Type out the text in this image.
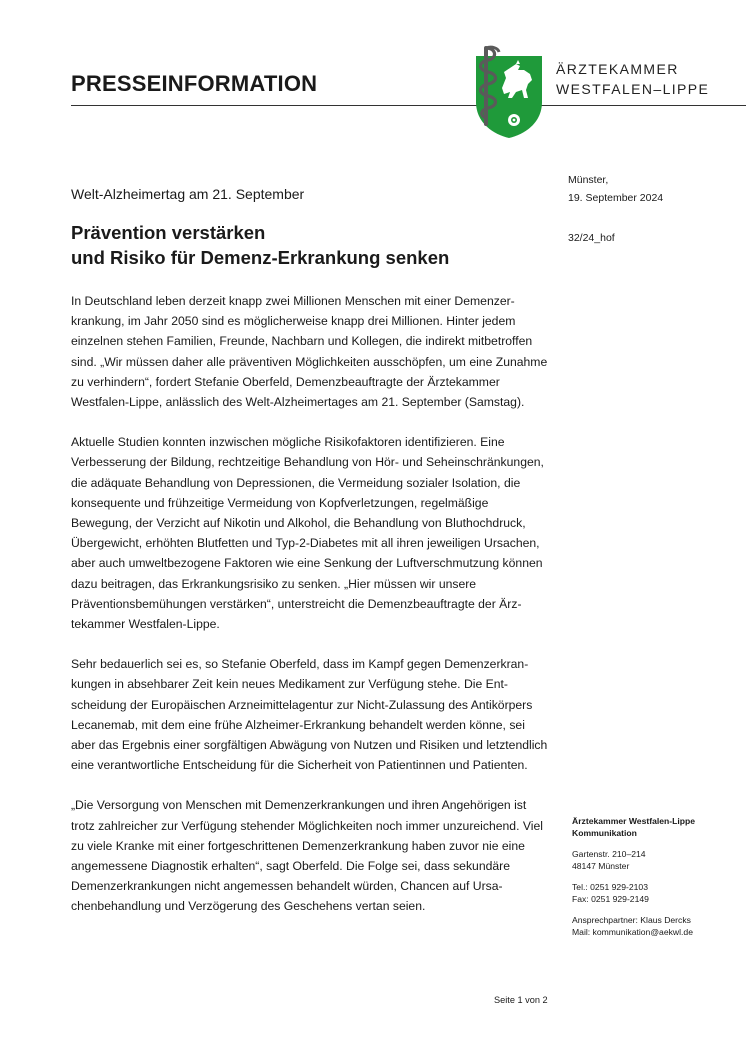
PRESSEINFORMATION
ÄRZTEKAMMER
WESTFALEN–LIPPE
Münster,
19. September 2024
32/24_hof

Welt-Alzheimertag am 21. September

Prävention verstärken
und Risiko für Demenz-Erkrankung senken

In Deutschland leben derzeit knapp zwei Millionen Menschen mit einer Demenzerkrankung, im Jahr 2050 sind es möglicherweise knapp drei Millionen. Hinter jedem einzelnen stehen Familien, Freunde, Nachbarn und Kollegen, die indirekt mitbetroffen sind. „Wir müssen daher alle präventiven Möglichkeiten ausschöpfen, um eine Zunahme zu verhindern“, fordert Stefanie Oberfeld, Demenzbeauftragte der Ärztekammer Westfalen-Lippe, anlässlich des Welt-Alzheimertages am 21. September (Samstag).

Aktuelle Studien konnten inzwischen mögliche Risikofaktoren identifizieren. Eine Verbesserung der Bildung, rechtzeitige Behandlung von Hör- und Seheinschränkungen, die adäquate Behandlung von Depressionen, die Vermeidung sozialer Isolation, die konsequente und frühzeitige Vermeidung von Kopfverletzungen, regelmäßige Bewegung, der Verzicht auf Nikotin und Alkohol, die Behandlung von Bluthochdruck, Übergewicht, erhöhten Blutfetten und Typ-2-Diabetes mit all ihren jeweiligen Ursachen, aber auch umweltbezogene Faktoren wie eine Senkung der Luftverschmutzung können dazu beitragen, das Erkrankungsrisiko zu senken. „Hier müssen wir unsere Präventionsbemühungen verstärken“, unterstreicht die Demenzbeauftragte der Ärztekammer Westfalen-Lippe.

Sehr bedauerlich sei es, so Stefanie Oberfeld, dass im Kampf gegen Demenzerkrankungen in absehbarer Zeit kein neues Medikament zur Verfügung stehe. Die Entscheidung der Europäischen Arzneimittelagentur zur Nicht-Zulassung des Antikörpers Lecanemab, mit dem eine frühe Alzheimer-Erkrankung behandelt werden könne, sei aber das Ergebnis einer sorgfältigen Abwägung von Nutzen und Risiken und letztendlich eine verantwortliche Entscheidung für die Sicherheit von Patientinnen und Patienten.

„Die Versorgung von Menschen mit Demenzerkrankungen und ihren Angehörigen ist trotz zahlreicher zur Verfügung stehender Möglichkeiten noch immer unzureichend. Viel zu viele Kranke mit einer fortgeschrittenen Demenzerkrankung haben zuvor nie eine angemessene Diagnostik erhalten“, sagt Oberfeld. Die Folge sei, dass sekundäre Demenzerkrankungen nicht angemessen behandelt würden, Chancen auf Ursachenbehandlung und Verzögerung des Geschehens vertan seien.

Ärztekammer Westfalen-Lippe
Kommunikation
Gartenstr. 210–214
48147 Münster
Tel.: 0251 929-2103
Fax: 0251 929-2149
Ansprechpartner: Klaus Dercks
Mail: kommunikation@aekwl.de
Seite 1 von 2
